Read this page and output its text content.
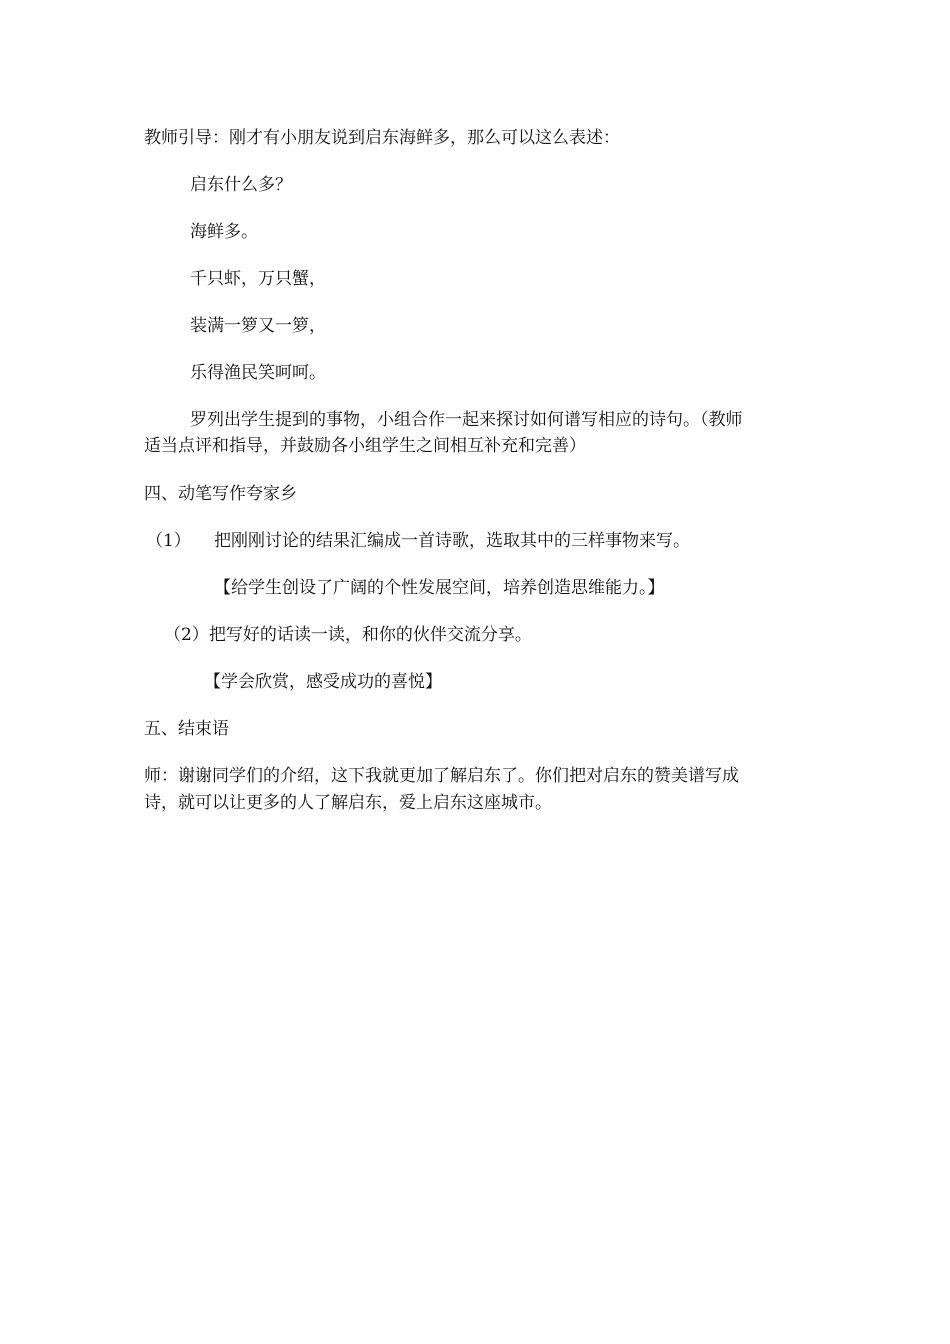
教师引导：刚才有小朋友说到启东海鲜多，那么可以这么表述：
启东什么多？
海鲜多。
千只虾，万只蟹，
装满一箩又一箩，
乐得渔民笑呵呵。
罗列出学生提到的事物，小组合作一起来探讨如何谱写相应的诗句。（教师
适当点评和指导，并鼓励各小组学生之间相互补充和完善）
四、动笔写作夸家乡
（1） 把刚刚讨论的结果汇编成一首诗歌，选取其中的三样事物来写。
【给学生创设了广阔的个性发展空间，培养创造思维能力。】
（2）把写好的话读一读，和你的伙伴交流分享。
【学会欣赏，感受成功的喜悦】
五、结束语
师：谢谢同学们的介绍，这下我就更加了解启东了。你们把对启东的赞美谱写成
诗，就可以让更多的人了解启东，爱上启东这座城市。
